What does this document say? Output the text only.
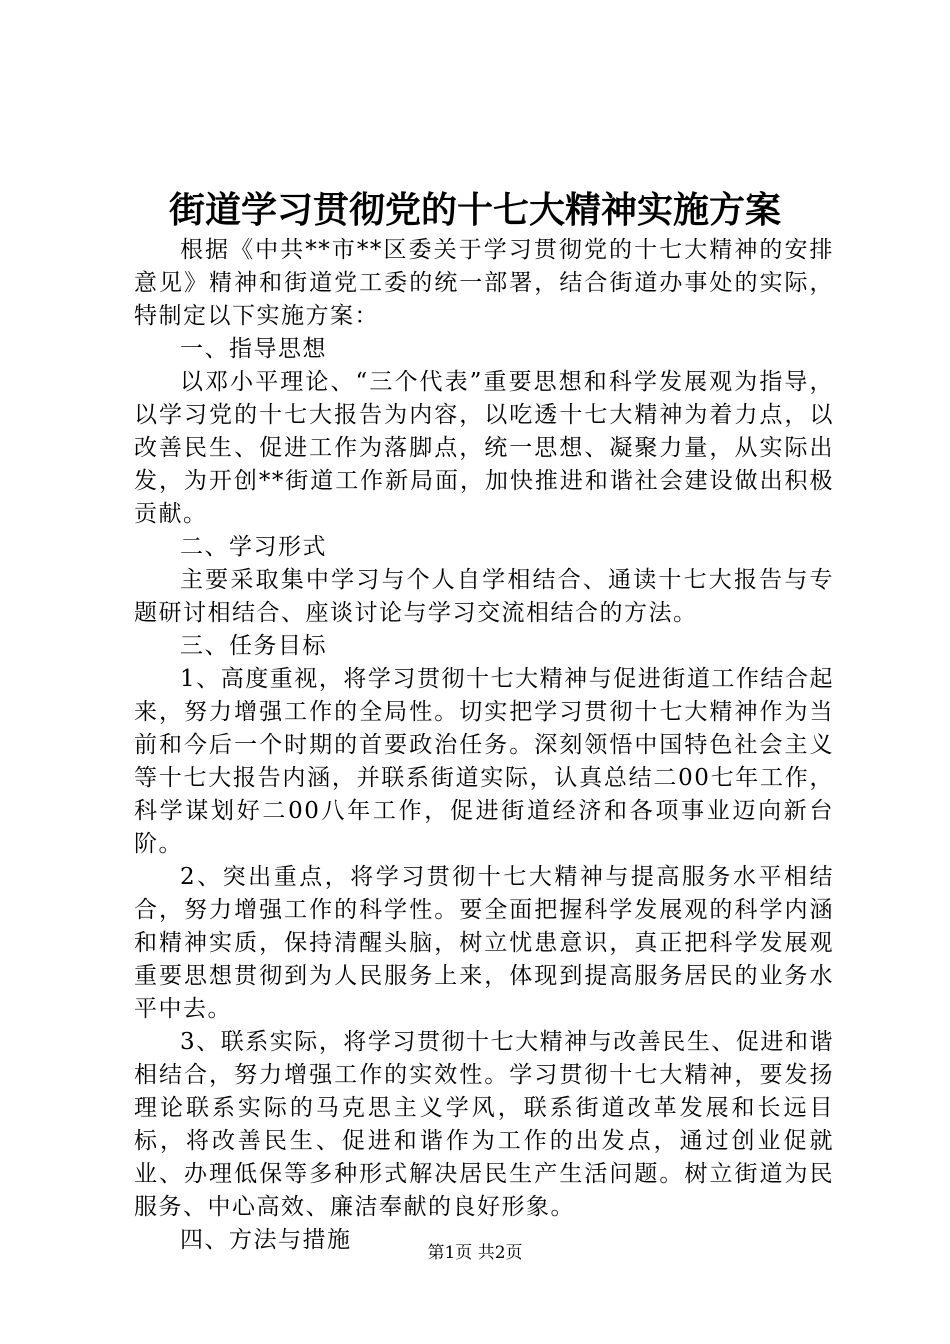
街道学习贯彻党的十七大精神实施方案

根据《中共**市**区委关于学习贯彻党的十七大精神的安排意见》精神和街道党工委的统一部署，结合街道办事处的实际，特制定以下实施方案：

一、指导思想

以邓小平理论、“三个代表”重要思想和科学发展观为指导，以学习党的十七大报告为内容，以吃透十七大精神为着力点，以改善民生、促进工作为落脚点，统一思想、凝聚力量，从实际出发，为开创**街道工作新局面，加快推进和谐社会建设做出积极贡献。

二、学习形式

主要采取集中学习与个人自学相结合、通读十七大报告与专题研讨相结合、座谈讨论与学习交流相结合的方法。

三、任务目标

1、高度重视，将学习贯彻十七大精神与促进街道工作结合起来，努力增强工作的全局性。切实把学习贯彻十七大精神作为当前和今后一个时期的首要政治任务。深刻领悟中国特色社会主义等十七大报告内涵，并联系街道实际，认真总结二00七年工作，科学谋划好二00八年工作，促进街道经济和各项事业迈向新台阶。

2、突出重点，将学习贯彻十七大精神与提高服务水平相结合，努力增强工作的科学性。要全面把握科学发展观的科学内涵和精神实质，保持清醒头脑，树立忧患意识，真正把科学发展观重要思想贯彻到为人民服务上来，体现到提高服务居民的业务水平中去。

3、联系实际，将学习贯彻十七大精神与改善民生、促进和谐相结合，努力增强工作的实效性。学习贯彻十七大精神，要发扬理论联系实际的马克思主义学风，联系街道改革发展和长远目标，将改善民生、促进和谐作为工作的出发点，通过创业促就业、办理低保等多种形式解决居民生产生活问题。树立街道为民服务、中心高效、廉洁奉献的良好形象。

四、方法与措施	第1页 共2页
